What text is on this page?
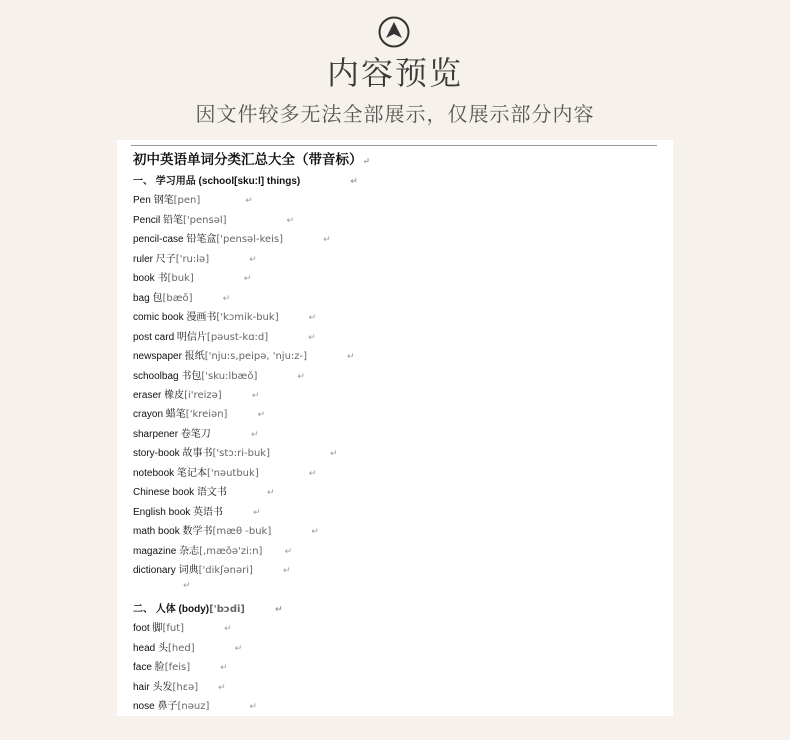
内容预览
因文件较多无法全部展示，仅展示部分内容
初中英语单词分类汇总大全（带音标）↵
一、 学习用品 (school[sku:l] things)	↵
Pen 钢笔[pen]	↵
Pencil 铅笔['pensəl]	↵
pencil-case 铅笔盒['pensəl-keis]	↵
ruler 尺子['ru:lə]	↵
book 书[buk]	↵
bag 包[bæǒ]	↵
comic book 漫画书['kɔmik-buk]	↵
post card 明信片[pəust-kɑ:d]	↵
newspaper 报纸['nju:s,peipə, 'nju:z-]	↵
schoolbag 书包['sku:lbæǒ]	↵
eraser 橡皮[i'reizə]	↵
crayon 蜡笔['kreiən]	↵
sharpener 卷笔刀	↵
story-book 故事书['stɔ:ri-buk]	↵
notebook 笔记本['nəutbuk]	↵
Chinese book 语文书	↵
English book 英语书	↵
math book 数学书[mæθ -buk]	↵
magazine 杂志[,mæǒə'zi:n] ↵
dictionary 词典['dikʃənəri]	↵
↵
二、 人体 (body)['bɔdi]	↵
foot 脚[fut]	↵
head 头[hed]	↵
face 脸[feis]	↵
hair 头发[hɛə] ↵
nose 鼻子[nəuz]	↵
